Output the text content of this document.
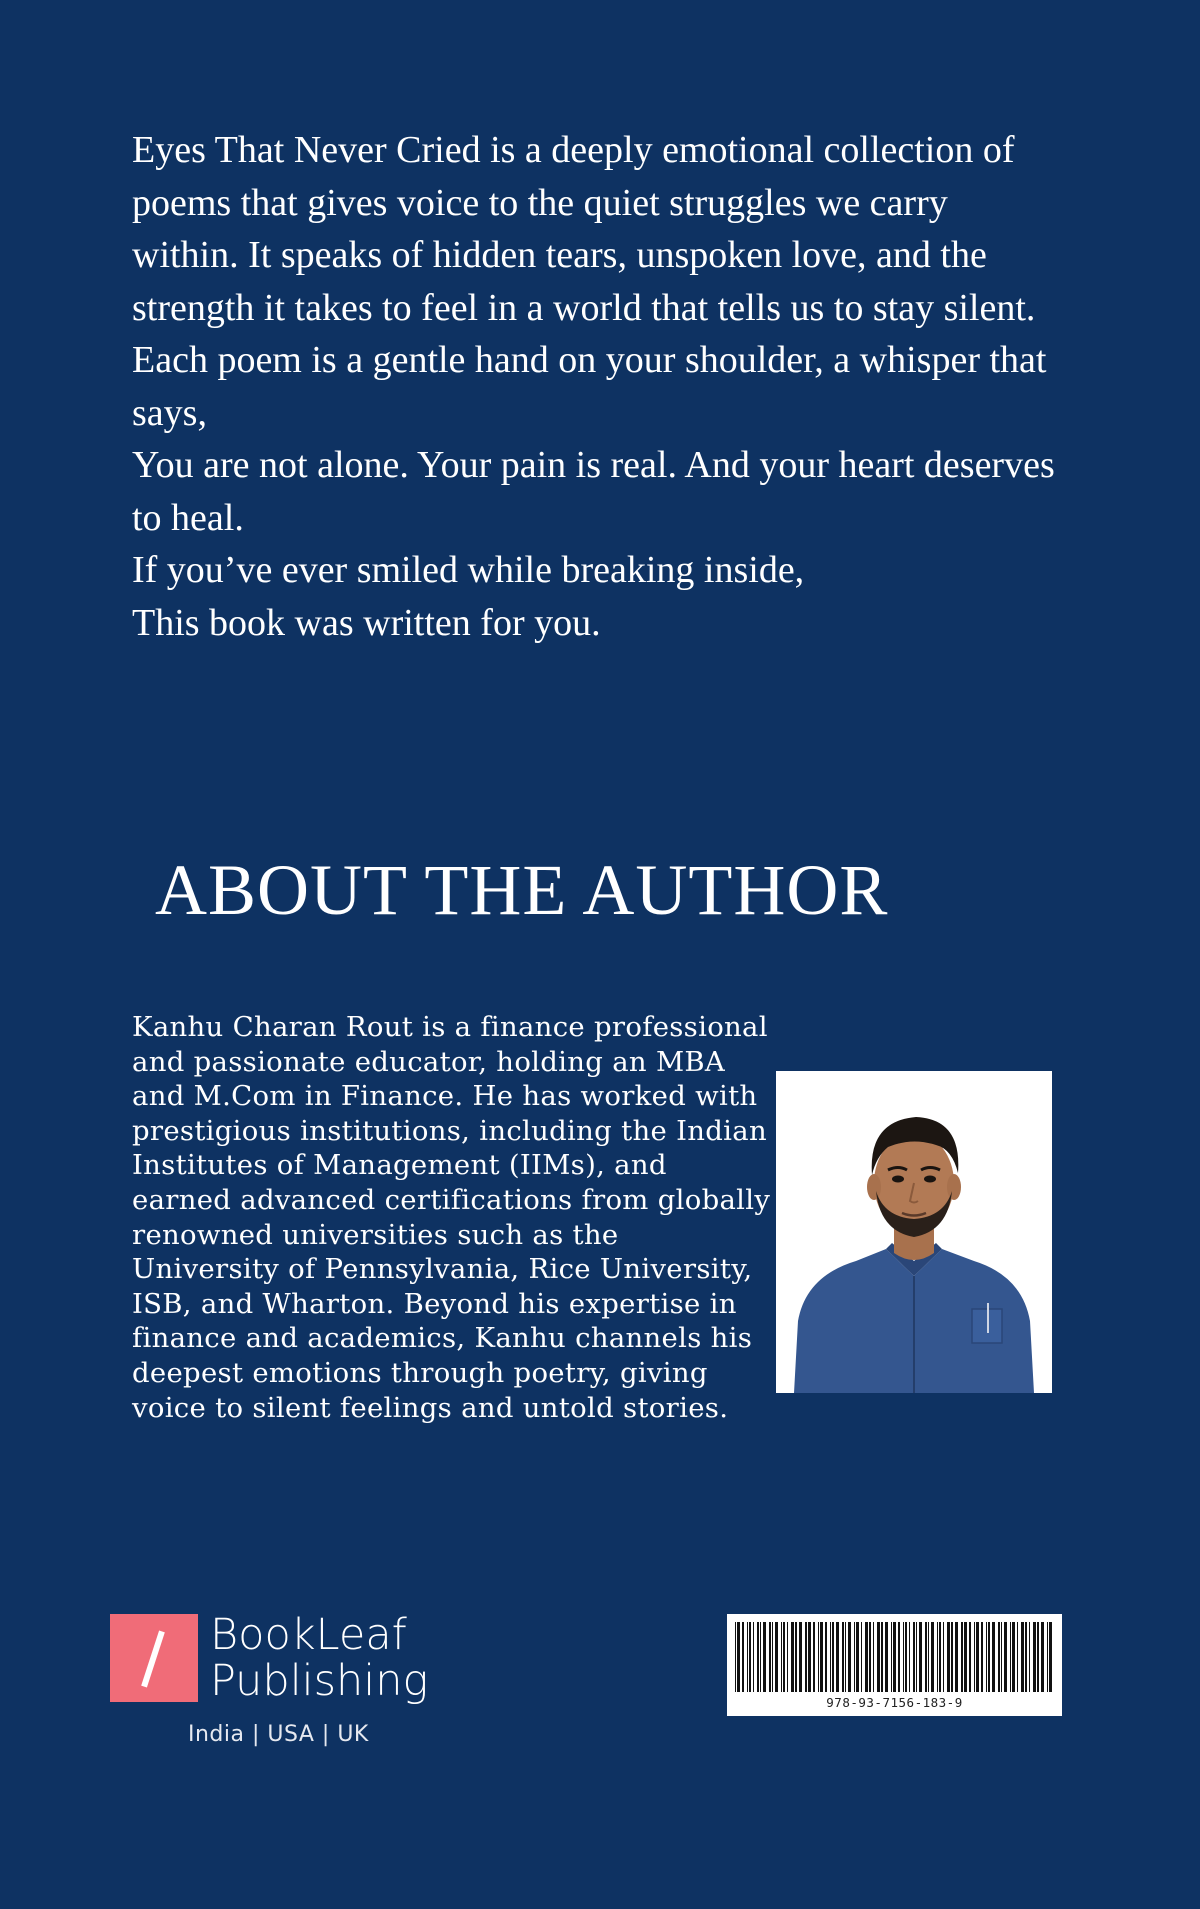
Eyes That Never Cried is a deeply emotional collection of poems that gives voice to the quiet struggles we carry within. It speaks of hidden tears, unspoken love, and the strength it takes to feel in a world that tells us to stay silent.

Each poem is a gentle hand on your shoulder, a whisper that says,

You are not alone. Your pain is real. And your heart deserves to heal.

If you’ve ever smiled while breaking inside,

This book was written for you.

ABOUT THE AUTHOR

Kanhu Charan Rout is a finance professional and passionate educator, holding an MBA and M.Com in Finance. He has worked with prestigious institutions, including the Indian Institutes of Management (IIMs), and earned advanced certifications from globally renowned universities such as the University of Pennsylvania, Rice University, ISB, and Wharton. Beyond his expertise in finance and academics, Kanhu channels his deepest emotions through poetry, giving voice to silent feelings and untold stories.

BookLeaf
Publishing
India | USA | UK
978-93-7156-183-9
